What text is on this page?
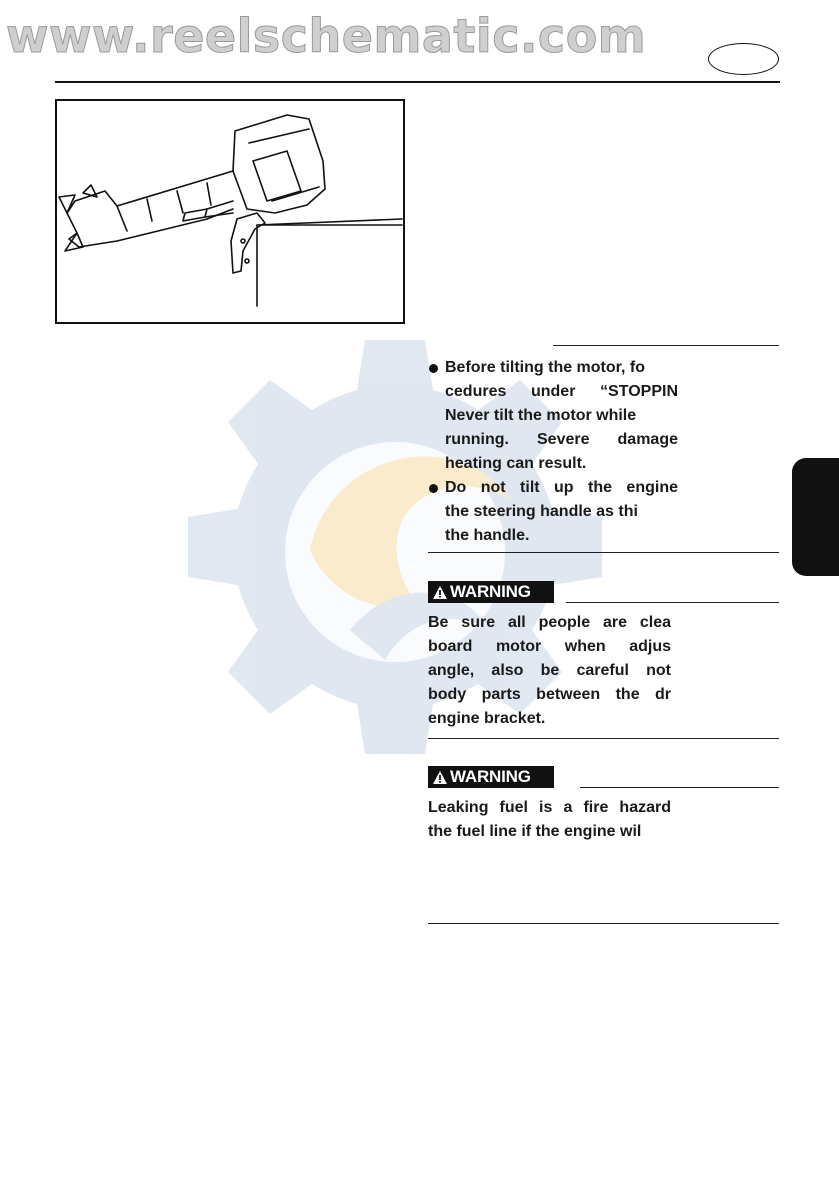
www.reelschematic.com
Before tilting the motor, fo
cedures under “STOPPIN
Never tilt the motor while
running. Severe damage
heating can result.
Do not tilt up the engine
the steering handle as thi
the handle.
WARNING
Be sure all people are clea
board motor when adjus
angle, also be careful not
body parts between the dr
engine bracket.
WARNING
Leaking fuel is a fire hazard
the fuel line if the engine wil
